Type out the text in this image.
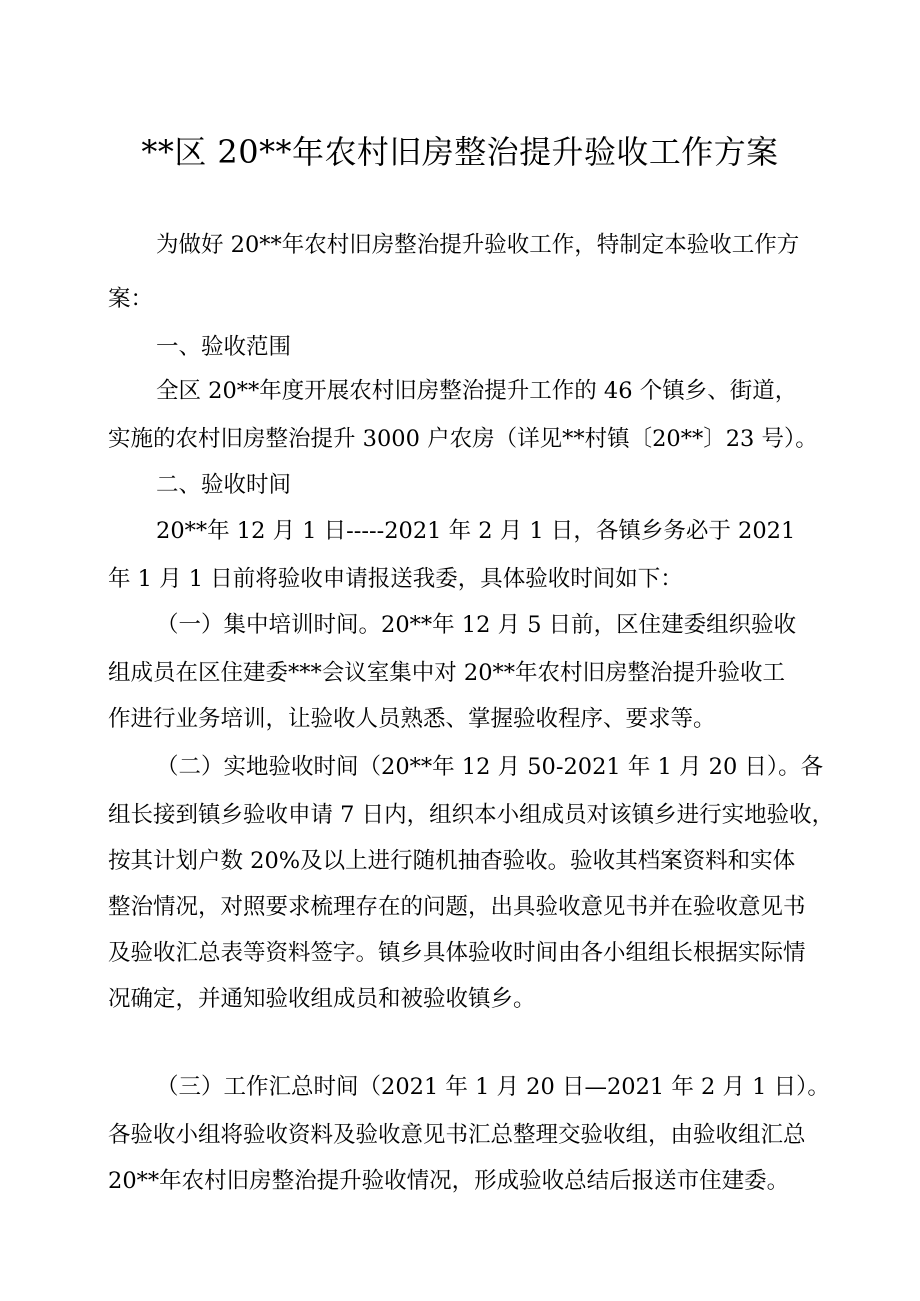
**区 20**年农村旧房整治提升验收工作方案
为做好 20**年农村旧房整治提升验收工作，特制定本验收工作方
案：
一、验收范围
全区 20**年度开展农村旧房整治提升工作的 46 个镇乡、街道，
实施的农村旧房整治提升 3000 户农房（详见**村镇〔20**〕23 号）。
二、验收时间
20**年 12 月 1 日-----2021 年 2 月 1 日，各镇乡务必于 2021
年 1 月 1 日前将验收申请报送我委，具体验收时间如下：
（一）集中培训时间。20**年 12 月 5 日前，区住建委组织验收
组成员在区住建委***会议室集中对 20**年农村旧房整治提升验收工
作进行业务培训，让验收人员熟悉、掌握验收程序、要求等。
（二）实地验收时间（20**年 12 月 50-2021 年 1 月 20 日）。各
组长接到镇乡验收申请 7 日内，组织本小组成员对该镇乡进行实地验收，
按其计划户数 20%及以上进行随机抽杳验收。验收其档案资料和实体
整治情况，对照要求梳理存在的问题，出具验收意见书并在验收意见书
及验收汇总表等资料签字。镇乡具体验收时间由各小组组长根据实际情
况确定，并通知验收组成员和被验收镇乡。
（三）工作汇总时间（2021 年 1 月 20 日—2021 年 2 月 1 日）。
各验收小组将验收资料及验收意见书汇总整理交验收组，由验收组汇总
20**年农村旧房整治提升验收情况，形成验收总结后报送市住建委。
